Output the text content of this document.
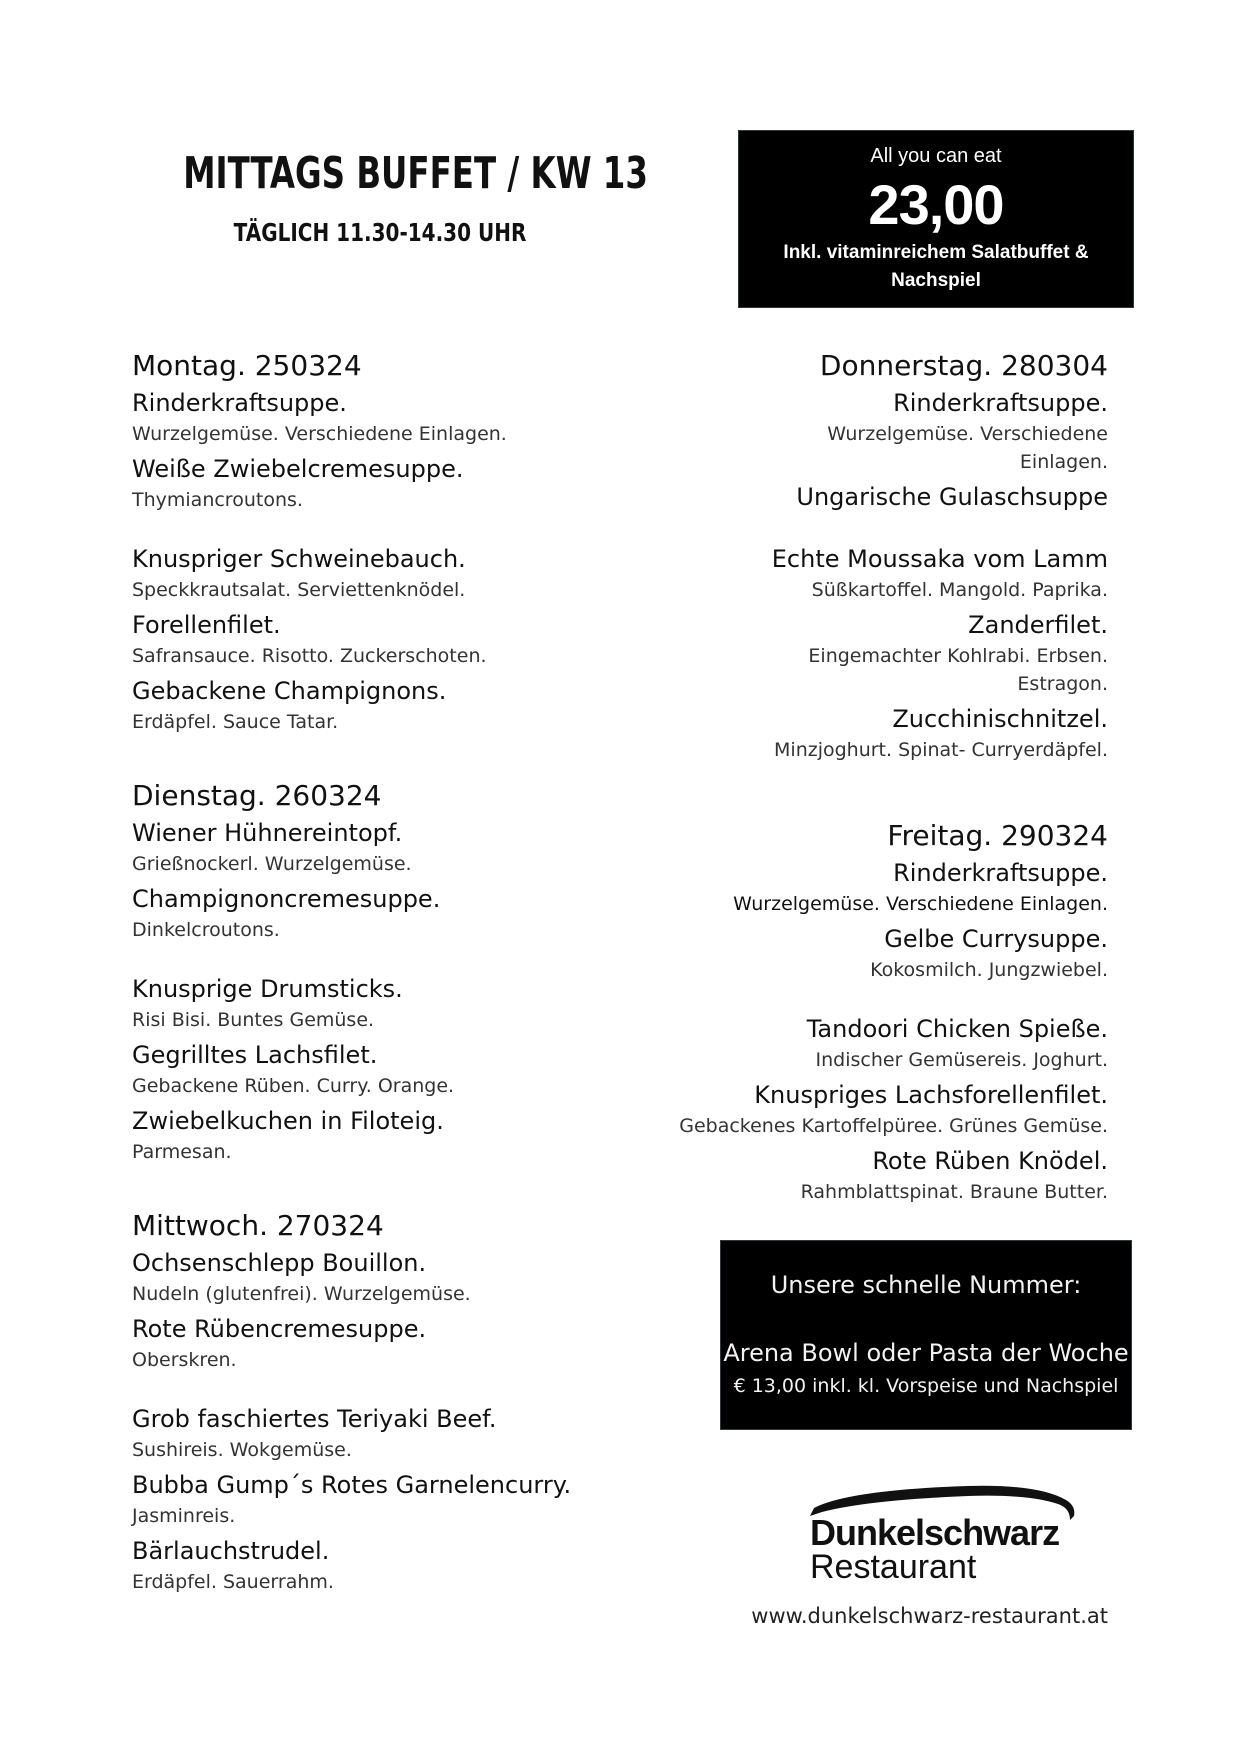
MITTAGS BUFFET / KW 13
TÄGLICH 11.30-14.30 UHR
All you can eat
23,00
Inkl. vitaminreichem Salatbuffet & Nachspiel

Montag. 250324

Rinderkraftsuppe.

Wurzelgemüse. Verschiedene Einlagen.

Weiße Zwiebelcremesuppe.

Thymiancroutons.

Knuspriger Schweinebauch.

Speckkrautsalat. Serviettenknödel.

Forellenfilet.

Safransauce. Risotto. Zuckerschoten.

Gebackene Champignons.

Erdäpfel. Sauce Tatar.

Dienstag. 260324

Wiener Hühnereintopf.

Grießnockerl. Wurzelgemüse.

Champignoncremesuppe.

Dinkelcroutons.

Knusprige Drumsticks.

Risi Bisi. Buntes Gemüse.

Gegrilltes Lachsfilet.

Gebackene Rüben. Curry. Orange.

Zwiebelkuchen in Filoteig.

Parmesan.

Mittwoch. 270324

Ochsenschlepp Bouillon.

Nudeln (glutenfrei). Wurzelgemüse.

Rote Rübencremesuppe.

Oberskren.

Grob faschiertes Teriyaki Beef.

Sushireis. Wokgemüse.

Bubba Gump´s Rotes Garnelencurry.

Jasminreis.

Bärlauchstrudel.

Erdäpfel. Sauerrahm.

Donnerstag. 280304

Rinderkraftsuppe.

Wurzelgemüse. Verschiedene Einlagen.

Ungarische Gulaschsuppe

Echte Moussaka vom Lamm

Süßkartoffel. Mangold. Paprika.

Zanderfilet.

Eingemachter Kohlrabi. Erbsen. Estragon.

Zucchinischnitzel.

Minzjoghurt. Spinat- Curryerdäpfel.

Freitag. 290324

Rinderkraftsuppe.

Wurzelgemüse. Verschiedene Einlagen.

Gelbe Currysuppe.

Kokosmilch. Jungzwiebel.

Tandoori Chicken Spieße.

Indischer Gemüsereis. Joghurt.

Knuspriges Lachsforellenfilet.

Gebackenes Kartoffelpüree. Grünes Gemüse.

Rote Rüben Knödel.

Rahmblattspinat. Braune Butter.

Unsere schnelle Nummer:
Arena Bowl oder Pasta der Woche
€ 13,00 inkl. kl. Vorspeise und Nachspiel
Dunkelschwarz
Restaurant
www.dunkelschwarz-restaurant.at
